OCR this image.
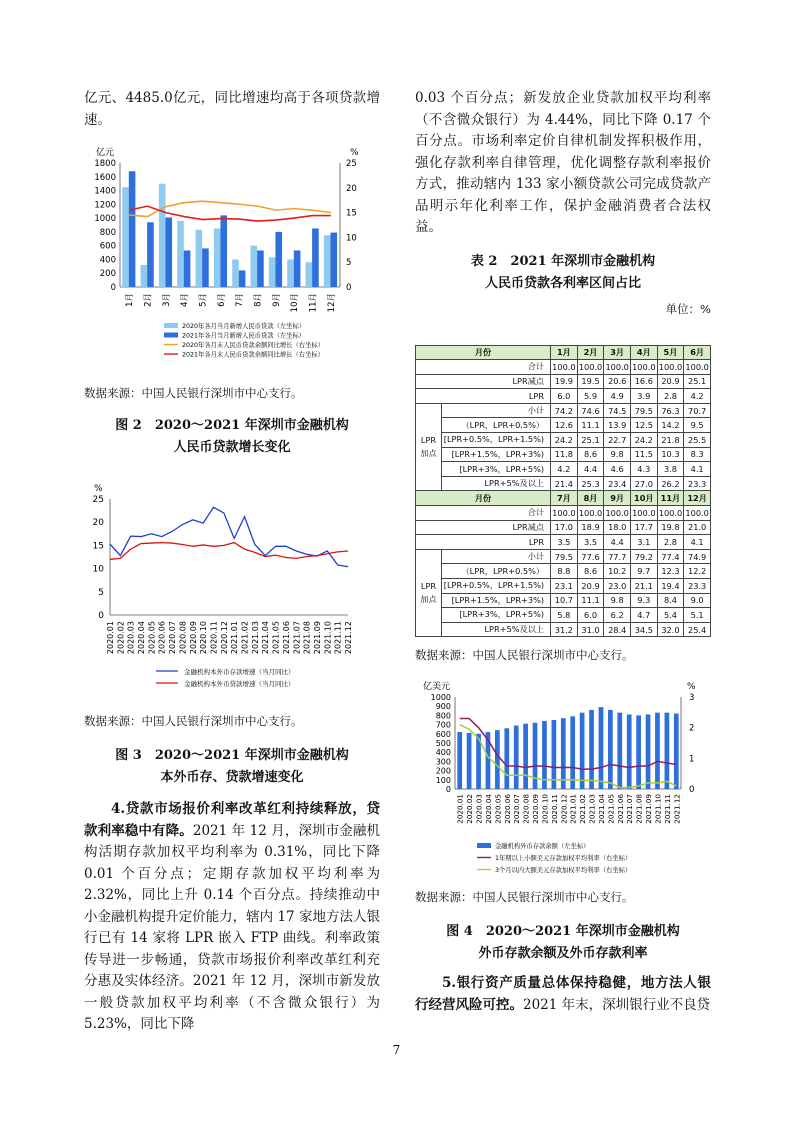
亿元、4485.0亿元，同比增速均高于各项贷款增速。

亿元	%
0
200
400
600
800
1000
1200
1400
1600
1800
0
5
10
15
20
25
1月 2月 3月 4月 5月 6月 7月 8月 9月 10月 11月 12月
2020年各月当月新增人民币贷款（左坐标）
2021年各月当月新增人民币贷款（左坐标）
2020年各月末人民币贷款余额同比增长（右坐标）
2021年各月末人民币贷款余额同比增长（右坐标）
数据来源：中国人民银行深圳市中心支行。
图 2　2020～2021 年深圳市金融机构
人民币贷款增长变化
%
0
5
10
15
20
25
2020.01 2020.02 2020.03 2020.04 2020.05 2020.06 2020.07 2020.08 2020.09 2020.10 2020.11 2020.12 2021.01 2021.02 2021.03 2021.04 2021.05 2021.06 2021.07 2021.08 2021.09 2021.10 2021.11 2021.12
金融机构本外币存款增速（当月同比）
金融机构本外币贷款增速（当月同比）
数据来源：中国人民银行深圳市中心支行。
图 3　2020～2021 年深圳市金融机构
本外币存、贷款增速变化

4.贷款市场报价利率改革红利持续释放，贷款利率稳中有降。2021 年 12 月，深圳市金融机构活期存款加权平均利率为 0.31%，同比下降 0.01 个百分点；定期存款加权平均利率为 2.32%，同比上升 0.14 个百分点。持续推动中小金融机构提升定价能力，辖内 17 家地方法人银行已有 14 家将 LPR 嵌入 FTP 曲线。利率政策传导进一步畅通，贷款市场报价利率改革红利充分惠及实体经济。2021 年 12 月，深圳市新发放一般贷款加权平均利率（不含微众银行）为 5.23%，同比下降

0.03 个百分点；新发放企业贷款加权平均利率（不含微众银行）为 4.44%，同比下降 0.17 个百分点。市场利率定价自律机制发挥积极作用，强化存款利率自律管理，优化调整存款利率报价方式，推动辖内 133 家小额贷款公司完成贷款产品明示年化利率工作，保护金融消费者合法权益。

表 2　2021 年深圳市金融机构
人民币贷款各利率区间占比
单位：%
月份		1月	2月	3月	4月	5月	6月
合计		100.0	100.0	100.0	100.0	100.0	100.0
LPR减点		19.9	19.5	20.6	16.6	20.9	25.1
LPR		6.0	5.9	4.9	3.9	2.8	4.2
LPR
加点	小计	74.2	74.6	74.5	79.5	76.3	70.7
	（LPR，LPR+0.5%）	12.6	11.1	13.9	12.5	14.2	9.5
	[LPR+0.5%，LPR+1.5%)	24.2	25.1	22.7	24.2	21.8	25.5
	[LPR+1.5%，LPR+3%)	11.8	8.6	9.8	11.5	10.3	8.3
	[LPR+3%，LPR+5%)	4.2	4.4	4.6	4.3	3.8	4.1
	LPR+5%及以上	21.4	25.3	23.4	27.0	26.2	23.3
月份		7月	8月	9月	10月	11月	12月
合计		100.0	100.0	100.0	100.0	100.0	100.0
LPR减点		17.0	18.9	18.0	17.7	19.8	21.0
LPR		3.5	3.5	4.4	3.1	2.8	4.1
LPR
加点	小计	79.5	77.6	77.7	79.2	77.4	74.9
	（LPR，LPR+0.5%）	8.8	8.6	10.2	9.7	12.3	12.2
	[LPR+0.5%，LPR+1.5%)	23.1	20.9	23.0	21.1	19.4	23.3
	[LPR+1.5%，LPR+3%)	10.7	11.1	9.8	9.3	8.4	9.0
	[LPR+3%，LPR+5%)	5.8	6.0	6.2	4.7	5.4	5.1
	LPR+5%及以上	31.2	31.0	28.4	34.5	32.0	25.4
数据来源：中国人民银行深圳市中心支行。
亿美元	%
0
100
200
300
400
500
600
700
800
900
1000
0
1
2
3
2020.01 2020.02 2020.03 2020.04 2020.05 2020.06 2020.07 2020.08 2020.09 2020.10 2020.11 2020.12 2021.01 2021.02 2021.03 2021.04 2021.05 2021.06 2021.07 2021.08 2021.09 2021.10 2021.11 2021.12
金融机构外币存款余额（左坐标）
1年期以上小额美元存款加权平均利率（右坐标）
3个月以内大额美元存款加权平均利率（右坐标）
数据来源：中国人民银行深圳市中心支行。
图 4　2020～2021 年深圳市金融机构
外币存款余额及外币存款利率

5.银行资产质量总体保持稳健，地方法人银行经营风险可控。2021 年末，深圳银行业不良贷

7
